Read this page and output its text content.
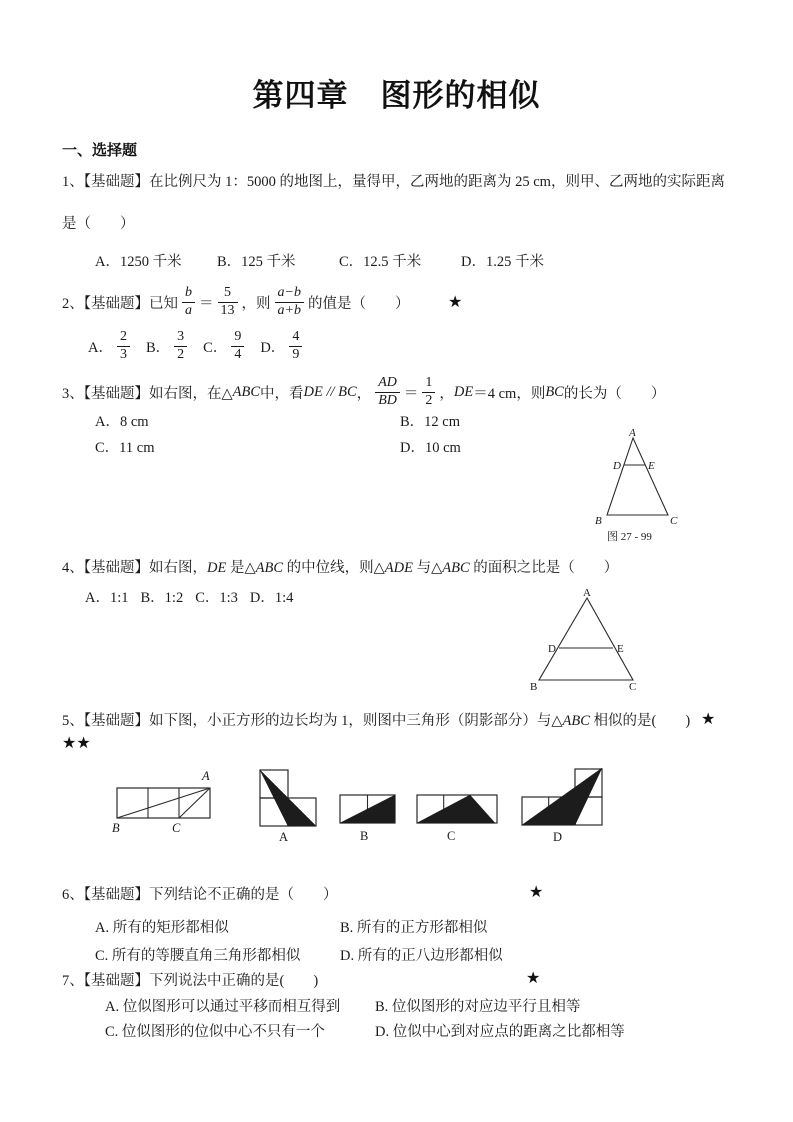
第四章　图形的相似
一、选择题
1、【基础题】在比例尺为 1：5000 的地图上，量得甲，乙两地的距离为 25 cm，则甲、乙两地的实际距离
是（　　）
A．1250 千米 B．125 千米	C．12.5 千米	D．1.25 千米
2、【基础题】已知 $\frac{b}{a} = \frac{5}{13}$ ，则 $\frac{a-b}{a+b}$ 的值是（　　） ★
A． $\frac{2}{3}$ B． $\frac{3}{2}$ C． $\frac{9}{4}$ D． $\frac{4}{9}$
3、【基础题】如右图，在△ ABC 中，看 DE // BC ， $\frac{AD}{BD} = \frac{1}{2}$ ， DE ＝4 cm，则 BC 的长为（　　）
A．8 cm	B．12 cm
C．11 cm	D．10 cm
A
D E
B	C
图 27 - 99
4、【基础题】如右图，DE 是△ABC 的中位线，则△ADE 与△ABC 的面积之比是（　　）
A．1:1 B．1:2 C．1:3 D．1:4	A
B	C
D	E
5、【基础题】如下图，小正方形的边长均为 1，则图中三角形（阴影部分）与△ABC 相似的是(　　) ★
★★
A
B	C
A	B	C	D
6、【基础题】下列结论不正确的是（　　）	★
A. 所有的矩形都相似	B. 所有的正方形都相似
C. 所有的等腰直角三角形都相似	D. 所有的正八边形都相似
7、【基础题】下列说法中正确的是(　　)	★
A. 位似图形可以通过平移而相互得到 B. 位似图形的对应边平行且相等
C. 位似图形的位似中心不只有一个	D. 位似中心到对应点的距离之比都相等
